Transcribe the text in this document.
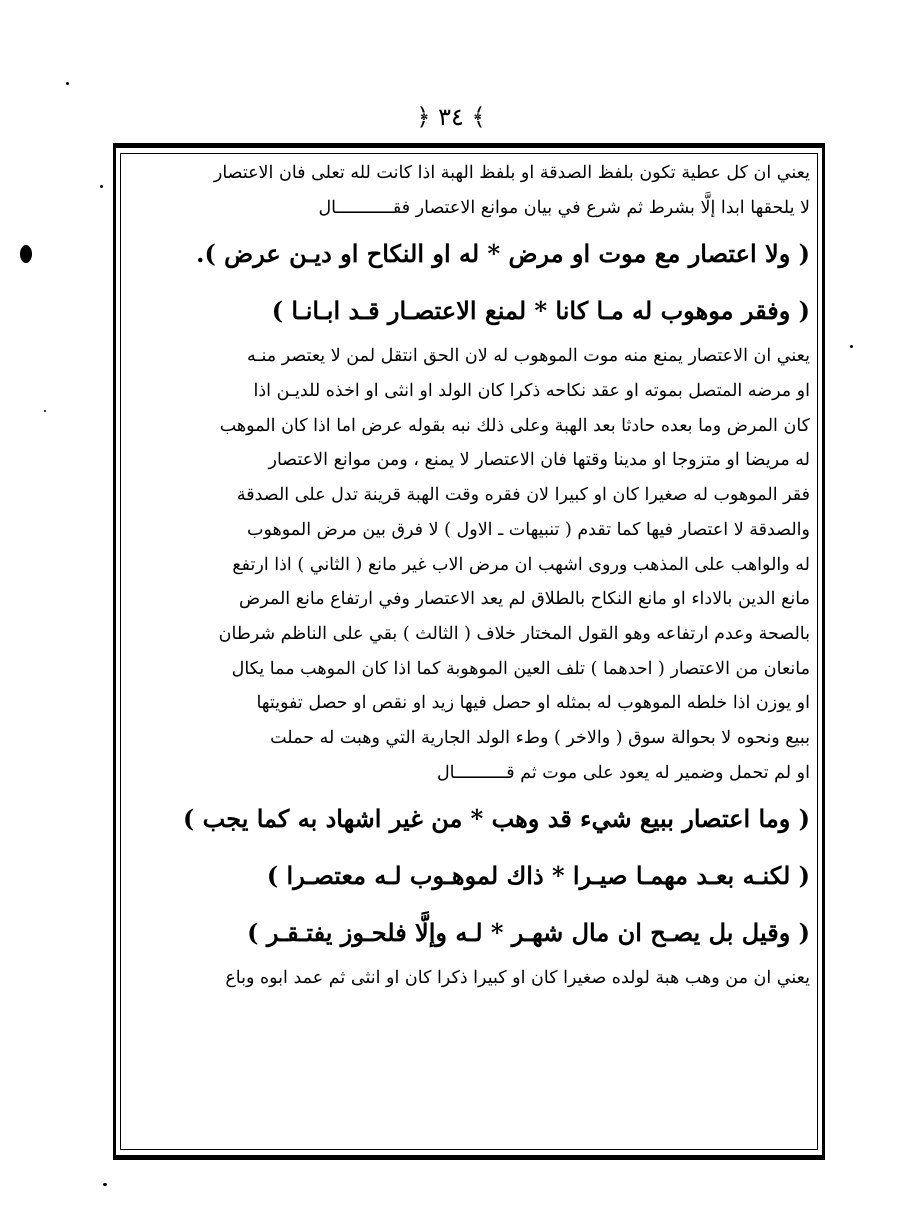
﴿ ٣٤ ﴾

يعني ان كل عطية تكون بلفظ الصدقة او بلفظ الهبة اذا كانت لله تعلى فان الاعتصار

لا يلحقها ابدا إلَّا بشرط ثم شرع في بيان موانع الاعتصار فقـــــــــــال

( ولا اعتصار مع موت او مرض * له او النكاح او ديـن عرض ).

( وفقر موهوب له مـا كانا * لمنع الاعتصـار قـد ابـانـا )

يعني ان الاعتصار يمنع منه موت الموهوب له لان الحق انتقل لمن لا يعتصر منـه

او مرضه المتصل بموته او عقد نكاحه ذكرا كان الولد او انثى او اخذه للديـن اذا

كان المرض وما بعده حادثا بعد الهبة وعلى ذلك نبه بقوله عرض اما اذا كان الموهب

له مريضا او متزوجا او مدينا وقتها فان الاعتصار لا يمنع ، ومن موانع الاعتصار

فقر الموهوب له صغيرا كان او كبيرا لان فقره وقت الهبة قرينة تدل على الصدقة

والصدقة لا اعتصار فيها كما تقدم ( تنبيهات ـ الاول ) لا فرق بين مرض الموهوب

له والواهب على المذهب وروى اشهب ان مرض الاب غير مانع ( الثاني ) اذا ارتفع

مانع الدين بالاداء او مانع النكاح بالطلاق لم يعد الاعتصار وفي ارتفاع مانع المرض

بالصحة وعدم ارتفاعه وهو القول المختار خلاف ( الثالث ) بقي على الناظم شرطان

مانعان من الاعتصار ( احدهما ) تلف العين الموهوبة كما اذا كان الموهب مما يكال

او يوزن اذا خلطه الموهوب له بمثله او حصل فيها زيد او نقص او حصل تفويتها

ببيع ونحوه لا بحوالة سوق ( والاخر ) وطء الولد الجارية التي وهبت له حملت

او لم تحمل وضمير له يعود على موت ثم قــــــــــال

( وما اعتصار ببيع شيء قد وهب * من غير اشهاد به كما يجب )

( لكنـه بعـد مهمـا صيـرا * ذاك لموهـوب لـه معتصـرا )

( وقيل بل يصـح ان مال شهـر * لـه وإلَّا فلحـوز يفتـقـر )

يعني ان من وهب هبة لولده صغيرا كان او كبيرا ذكرا كان او انثى ثم عمد ابوه وباع
